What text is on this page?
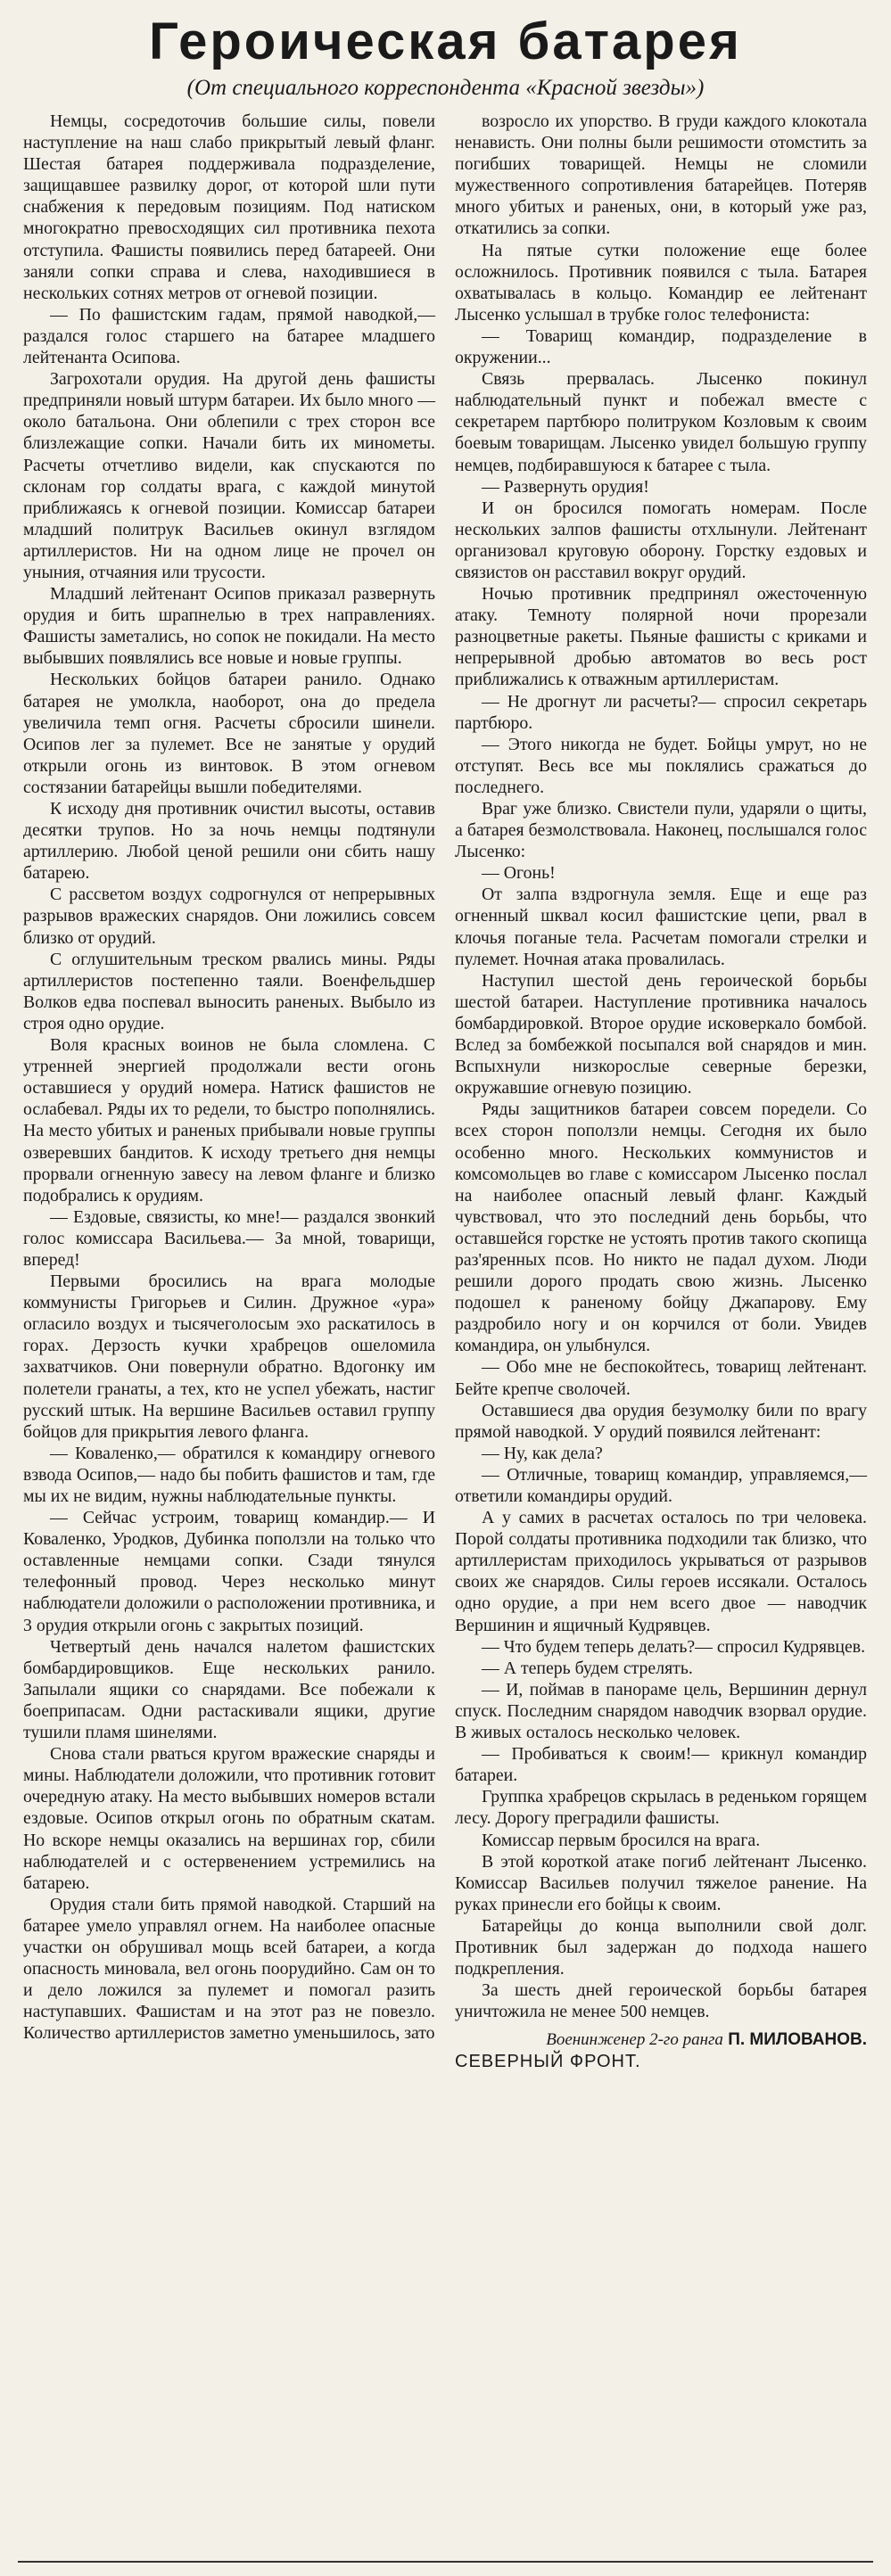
Героическая батарея
(От специального корреспондента «Красной звезды»)

Немцы, сосредоточив большие силы, повели наступление на наш слабо прикрытый левый фланг. Шестая батарея поддерживала подразделение, защищавшее развилку дорог, от которой шли пути снабжения к передовым позициям. Под натиском многократно превосходящих сил противника пехота отступила. Фашисты появились перед батареей. Они заняли сопки справа и слева, находившиеся в нескольких сотнях метров от огневой позиции.

— По фашистским гадам, прямой наводкой,— раздался голос старшего на батарее младшего лейтенанта Осипова.

Загрохотали орудия. На другой день фашисты предприняли новый штурм батареи. Их было много — около батальона. Они облепили с трех сторон все близлежащие сопки. Начали бить их минометы. Расчеты отчетливо видели, как спускаются по склонам гор солдаты врага, с каждой минутой приближаясь к огневой позиции. Комиссар батареи младший политрук Васильев окинул взглядом артиллеристов. Ни на одном лице не прочел он уныния, отчаяния или трусости.

Младший лейтенант Осипов приказал развернуть орудия и бить шрапнелью в трех направлениях. Фашисты заметались, но сопок не покидали. На место выбывших появлялись все новые и новые группы.

Нескольких бойцов батареи ранило. Однако батарея не умолкла, наоборот, она до предела увеличила темп огня. Расчеты сбросили шинели. Осипов лег за пулемет. Все не занятые у орудий открыли огонь из винтовок. В этом огневом состязании батарейцы вышли победителями.

К исходу дня противник очистил высоты, оставив десятки трупов. Но за ночь немцы подтянули артиллерию. Любой ценой решили они сбить нашу батарею.

С рассветом воздух содрогнулся от непрерывных разрывов вражеских снарядов. Они ложились совсем близко от орудий.

С оглушительным треском рвались мины. Ряды артиллеристов постепенно таяли. Военфельдшер Волков едва поспевал выносить раненых. Выбыло из строя одно орудие.

Воля красных воинов не была сломлена. С утренней энергией продолжали вести огонь оставшиеся у орудий номера. Натиск фашистов не ослабевал. Ряды их то редели, то быстро пополнялись. На место убитых и раненых прибывали новые группы озверевших бандитов. К исходу третьего дня немцы прорвали огненную завесу на левом фланге и близко подобрались к орудиям.

— Ездовые, связисты, ко мне!— раздался звонкий голос комиссара Васильева.— За мной, товарищи, вперед!

Первыми бросились на врага молодые коммунисты Григорьев и Силин. Дружное «ура» огласило воздух и тысячеголосым эхо раскатилось в горах. Дерзость кучки храбрецов ошеломила захватчиков. Они повернули обратно. Вдогонку им полетели гранаты, а тех, кто не успел убежать, настиг русский штык. На вершине Васильев оставил группу бойцов для прикрытия левого фланга.

— Коваленко,— обратился к командиру огневого взвода Осипов,— надо бы побить фашистов и там, где мы их не видим, нужны наблюдательные пункты.

— Сейчас устроим, товарищ командир.— И Коваленко, Уродков, Дубинка поползли на только что оставленные немцами сопки. Сзади тянулся телефонный провод. Через несколько минут наблюдатели доложили о расположении противника, и 3 орудия открыли огонь с закрытых позиций.

Четвертый день начался налетом фашистских бомбардировщиков. Еще нескольких ранило. Запылали ящики со снарядами. Все побежали к боеприпасам. Одни растаскивали ящики, другие тушили пламя шинелями.

Снова стали рваться кругом вражеские снаряды и мины. Наблюдатели доложили, что противник готовит очередную атаку. На место выбывших номеров встали ездовые. Осипов открыл огонь по обратным скатам. Но вскоре немцы оказались на вершинах гор, сбили наблюдателей и с остервенением устремились на батарею.

Орудия стали бить прямой наводкой. Старший на батарее умело управлял огнем. На наиболее опасные участки он обрушивал мощь всей батареи, а когда опасность миновала, вел огонь поорудийно. Сам он то и дело ложился за пулемет и помогал разить наступавших. Фашистам и на этот раз не повезло. Количество артиллеристов заметно уменьшилось, зато

возросло их упорство. В груди каждого клокотала ненависть. Они полны были решимости отомстить за погибших товарищей. Немцы не сломили мужественного сопротивления батарейцев. Потеряв много убитых и раненых, они, в который уже раз, откатились за сопки.

На пятые сутки положение еще более осложнилось. Противник появился с тыла. Батарея охватывалась в кольцо. Командир ее лейтенант Лысенко услышал в трубке голос телефониста:

— Товарищ командир, подразделение в окружении...

Связь прервалась. Лысенко покинул наблюдательный пункт и побежал вместе с секретарем партбюро политруком Козловым к своим боевым товарищам. Лысенко увидел большую группу немцев, подбиравшуюся к батарее с тыла.

— Развернуть орудия!

И он бросился помогать номерам. После нескольких залпов фашисты отхлынули. Лейтенант организовал круговую оборону. Горстку ездовых и связистов он расставил вокруг орудий.

Ночью противник предпринял ожесточенную атаку. Темноту полярной ночи прорезали разноцветные ракеты. Пьяные фашисты с криками и непрерывной дробью автоматов во весь рост приближались к отважным артиллеристам.

— Не дрогнут ли расчеты?— спросил секретарь партбюро.

— Этого никогда не будет. Бойцы умрут, но не отступят. Весь все мы поклялись сражаться до последнего.

Враг уже близко. Свистели пули, ударяли о щиты, а батарея безмолствовала. Наконец, послышался голос Лысенко:

— Огонь!

От залпа вздрогнула земля. Еще и еще раз огненный шквал косил фашистские цепи, рвал в клочья поганые тела. Расчетам помогали стрелки и пулемет. Ночная атака провалилась.

Наступил шестой день героической борьбы шестой батареи. Наступление противника началось бомбардировкой. Второе орудие исковеркало бомбой. Вслед за бомбежкой посыпался вой снарядов и мин. Вспыхнули низкорослые северные березки, окружавшие огневую позицию.

Ряды защитников батареи совсем поредели. Со всех сторон поползли немцы. Сегодня их было особенно много. Нескольких коммунистов и комсомольцев во главе с комиссаром Лысенко послал на наиболее опасный левый фланг. Каждый чувствовал, что это последний день борьбы, что оставшейся горстке не устоять против такого скопища раз'яренных псов. Но никто не падал духом. Люди решили дорого продать свою жизнь. Лысенко подошел к раненому бойцу Джапарову. Ему раздробило ногу и он корчился от боли. Увидев командира, он улыбнулся.

— Обо мне не беспокойтесь, товарищ лейтенант. Бейте крепче сволочей.

Оставшиеся два орудия безумолку били по врагу прямой наводкой. У орудий появился лейтенант:

— Ну, как дела?

— Отличные, товарищ командир, управляемся,— ответили командиры орудий.

А у самих в расчетах осталось по три человека. Порой солдаты противника подходили так близко, что артиллеристам приходилось укрываться от разрывов своих же снарядов. Силы героев иссякали. Осталось одно орудие, а при нем всего двое — наводчик Вершинин и ящичный Кудрявцев.

— Что будем теперь делать?— спросил Кудрявцев.

— А теперь будем стрелять.

— И, поймав в панораме цель, Вершинин дернул спуск. Последним снарядом наводчик взорвал орудие. В живых осталось несколько человек.

— Пробиваться к своим!— крикнул командир батареи.

Группка храбрецов скрылась в реденьком горящем лесу. Дорогу преградили фашисты.

Комиссар первым бросился на врага.

В этой короткой атаке погиб лейтенант Лысенко. Комиссар Васильев получил тяжелое ранение. На руках принесли его бойцы к своим.

Батарейцы до конца выполнили свой долг. Противник был задержан до подхода нашего подкрепления.

За шесть дней героической борьбы батарея уничтожила не менее 500 немцев.

Военинженер 2-го ранга П. МИЛОВАНОВ.

СЕВЕРНЫЙ ФРОНТ.
